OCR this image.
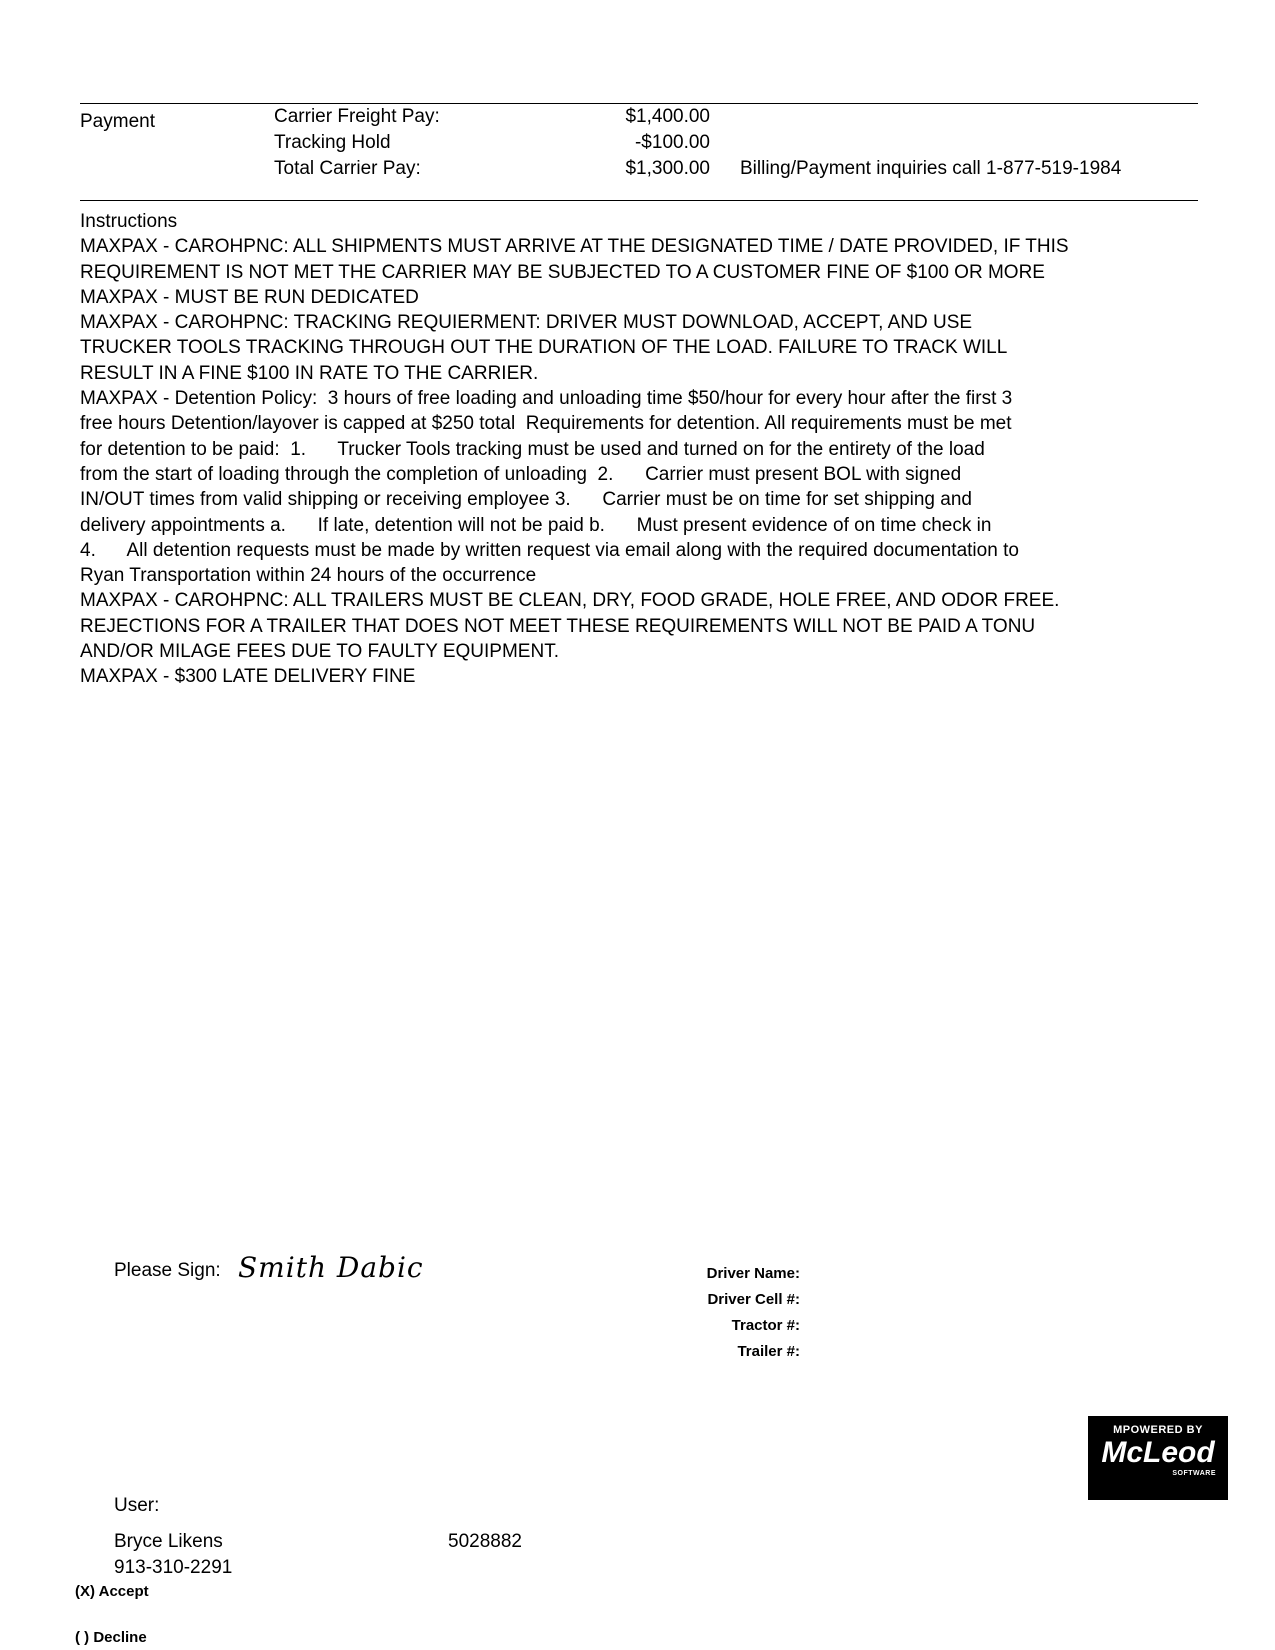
Payment	Carrier Freight Pay:	$1,400.00
Tracking Hold	-$100.00
Total Carrier Pay:	$1,300.00 Billing/Payment inquiries call 1-877-519-1984
Instructions
MAXPAX - CAROHPNC: ALL SHIPMENTS MUST ARRIVE AT THE DESIGNATED TIME / DATE PROVIDED, IF THIS
REQUIREMENT IS NOT MET THE CARRIER MAY BE SUBJECTED TO A CUSTOMER FINE OF $100 OR MORE
MAXPAX - MUST BE RUN DEDICATED
MAXPAX - CAROHPNC: TRACKING REQUIERMENT: DRIVER MUST DOWNLOAD, ACCEPT, AND USE
TRUCKER TOOLS TRACKING THROUGH OUT THE DURATION OF THE LOAD. FAILURE TO TRACK WILL
RESULT IN A FINE $100 IN RATE TO THE CARRIER.
MAXPAX - Detention Policy:  3 hours of free loading and unloading time $50/hour for every hour after the first 3
free hours Detention/layover is capped at $250 total  Requirements for detention. All requirements must be met
for detention to be paid:  1.      Trucker Tools tracking must be used and turned on for the entirety of the load
from the start of loading through the completion of unloading  2.      Carrier must present BOL with signed
IN/OUT times from valid shipping or receiving employee 3.      Carrier must be on time for set shipping and
delivery appointments a.      If late, detention will not be paid b.      Must present evidence of on time check in
4.      All detention requests must be made by written request via email along with the required documentation to
Ryan Transportation within 24 hours of the occurrence
MAXPAX - CAROHPNC: ALL TRAILERS MUST BE CLEAN, DRY, FOOD GRADE, HOLE FREE, AND ODOR FREE.
REJECTIONS FOR A TRAILER THAT DOES NOT MEET THESE REQUIREMENTS WILL NOT BE PAID A TONU
AND/OR MILAGE FEES DUE TO FAULTY EQUIPMENT.
MAXPAX - $300 LATE DELIVERY FINE
Please Sign: Smith Dabic	Driver Name:
Driver Cell #:
Tractor #:
Trailer #:
MPOWERED BY
McLeod
SOFTWARE
User:
Bryce Likens
913-310-2291
5028882
(X) Accept
( ) Decline
